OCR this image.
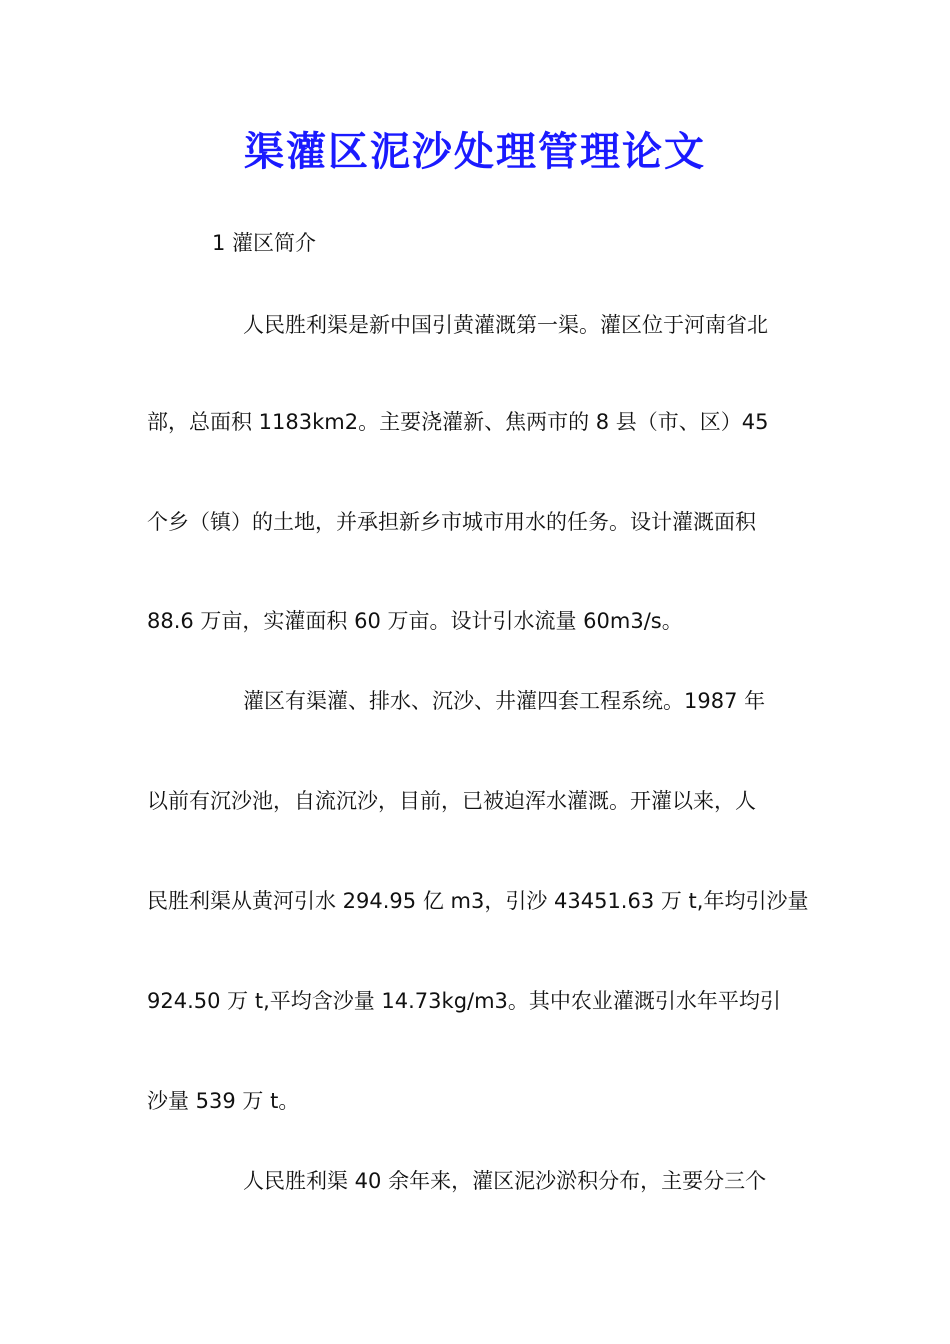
渠灌区泥沙处理管理论文
1 灌区简介
人民胜利渠是新中国引黄灌溉第一渠。灌区位于河南省北
部，总面积 1183km2。主要浇灌新、焦两市的 8 县（市、区）45
个乡（镇）的土地，并承担新乡市城市用水的任务。设计灌溉面积
88.6 万亩，实灌面积 60 万亩。设计引水流量 60m3/s。
灌区有渠灌、排水、沉沙、井灌四套工程系统。1987 年
以前有沉沙池，自流沉沙，目前，已被迫浑水灌溉。开灌以来，人
民胜利渠从黄河引水 294.95 亿 m3，引沙 43451.63 万 t,年均引沙量
924.50 万 t,平均含沙量 14.73kg/m3。其中农业灌溉引水年平均引
沙量 539 万 t。
人民胜利渠 40 余年来，灌区泥沙淤积分布，主要分三个
